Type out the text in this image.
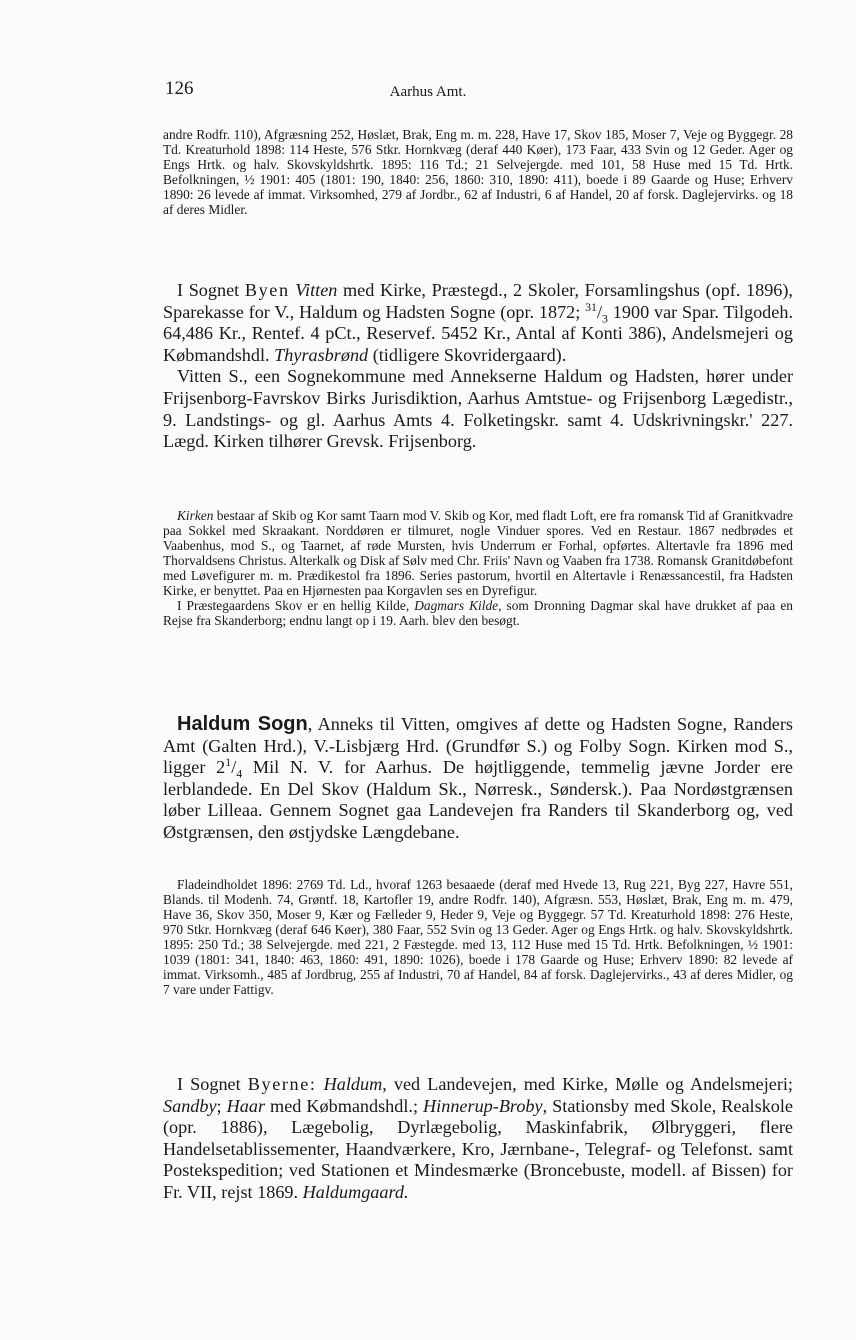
126	Aarhus Amt.

andre Rodfr. 110), Afgræsning 252, Høslæt, Brak, Eng m. m. 228, Have 17, Skov 185, Moser 7, Veje og Byggegr. 28 Td. Kreaturhold 1898: 114 Heste, 576 Stkr. Hornkvæg (deraf 440 Køer), 173 Faar, 433 Svin og 12 Geder. Ager og Engs Hrtk. og halv. Skovskyldshrtk. 1895: 116 Td.; 21 Selvejergde. med 101, 58 Huse med 15 Td. Hrtk. Befolkningen, ½ 1901: 405 (1801: 190, 1840: 256, 1860: 310, 1890: 411), boede i 89 Gaarde og Huse; Erhverv 1890: 26 levede af immat. Virksomhed, 279 af Jordbr., 62 af Industri, 6 af Handel, 20 af forsk. Daglejervirks. og 18 af deres Midler.

I Sognet Byen Vitten med Kirke, Præstegd., 2 Skoler, Forsamlingshus (opf. 1896), Sparekasse for V., Haldum og Hadsten Sogne (opr. 1872; $^{31}/_3$ 1900 var Spar. Tilgodeh. 64,486 Kr., Rentef. 4 pCt., Reservef. 5452 Kr., Antal af Konti 386), Andelsmejeri og Købmandshdl. Thyrasbrønd (tidligere Skovridergaard).

Vitten S., een Sognekommune med Annekserne Haldum og Hadsten, hører under Frijsenborg-Favrskov Birks Jurisdiktion, Aarhus Amtstue- og Frijsenborg Lægedistr., 9. Landstings- og gl. Aarhus Amts 4. Folketingskr. samt 4. Udskrivningskr.' 227. Lægd. Kirken tilhører Grevsk. Frijsenborg.

Kirken bestaar af Skib og Kor samt Taarn mod V. Skib og Kor, med fladt Loft, ere fra romansk Tid af Granitkvadre paa Sokkel med Skraakant. Norddøren er tilmuret, nogle Vinduer spores. Ved en Restaur. 1867 nedbrødes et Vaabenhus, mod S., og Taarnet, af røde Mursten, hvis Underrum er Forhal, opførtes. Altertavle fra 1896 med Thorvaldsens Christus. Alterkalk og Disk af Sølv med Chr. Friis' Navn og Vaaben fra 1738. Romansk Granitdøbefont med Løvefigurer m. m. Prædikestol fra 1896. Series pastorum, hvortil en Altertavle i Renæssancestil, fra Hadsten Kirke, er benyttet. Paa en Hjørnesten paa Korgavlen ses en Dyrefigur.

I Præstegaardens Skov er en hellig Kilde, Dagmars Kilde, som Dronning Dagmar skal have drukket af paa en Rejse fra Skanderborg; endnu langt op i 19. Aarh. blev den besøgt.

Haldum Sogn, Anneks til Vitten, omgives af dette og Hadsten Sogne, Randers Amt (Galten Hrd.), V.-Lisbjærg Hrd. (Grundfør S.) og Folby Sogn. Kirken mod S., ligger $2^1/_4$ Mil N. V. for Aarhus. De højtliggende, temmelig jævne Jorder ere lerblandede. En Del Skov (Haldum Sk., Nørresk., Søndersk.). Paa Nordøstgrænsen løber Lilleaa. Gennem Sognet gaa Landevejen fra Randers til Skanderborg og, ved Østgrænsen, den østjydske Længdebane.

Fladeindholdet 1896: 2769 Td. Ld., hvoraf 1263 besaaede (deraf med Hvede 13, Rug 221, Byg 227, Havre 551, Blands. til Modenh. 74, Grøntf. 18, Kartofler 19, andre Rodfr. 140), Afgræsn. 553, Høslæt, Brak, Eng m. m. 479, Have 36, Skov 350, Moser 9, Kær og Fælleder 9, Heder 9, Veje og Byggegr. 57 Td. Kreaturhold 1898: 276 Heste, 970 Stkr. Hornkvæg (deraf 646 Køer), 380 Faar, 552 Svin og 13 Geder. Ager og Engs Hrtk. og halv. Skovskyldshrtk. 1895: 250 Td.; 38 Selvejergde. med 221, 2 Fæstegde. med 13, 112 Huse med 15 Td. Hrtk. Befolkningen, ½ 1901: 1039 (1801: 341, 1840: 463, 1860: 491, 1890: 1026), boede i 178 Gaarde og Huse; Erhverv 1890: 82 levede af immat. Virksomh., 485 af Jordbrug, 255 af Industri, 70 af Handel, 84 af forsk. Daglejervirks., 43 af deres Midler, og 7 vare under Fattigv.

I Sognet Byerne: Haldum, ved Landevejen, med Kirke, Mølle og Andelsmejeri; Sandby; Haar med Købmandshdl.; Hinnerup-Broby, Stationsby med Skole, Realskole (opr. 1886), Lægebolig, Dyrlægebolig, Maskinfabrik, Ølbryggeri, flere Handelsetablissementer, Haandværkere, Kro, Jærnbane-, Telegraf- og Telefonst. samt Postekspedition; ved Stationen et Mindesmærke (Broncebuste, modell. af Bissen) for Fr. VII, rejst 1869. Haldumgaard.
